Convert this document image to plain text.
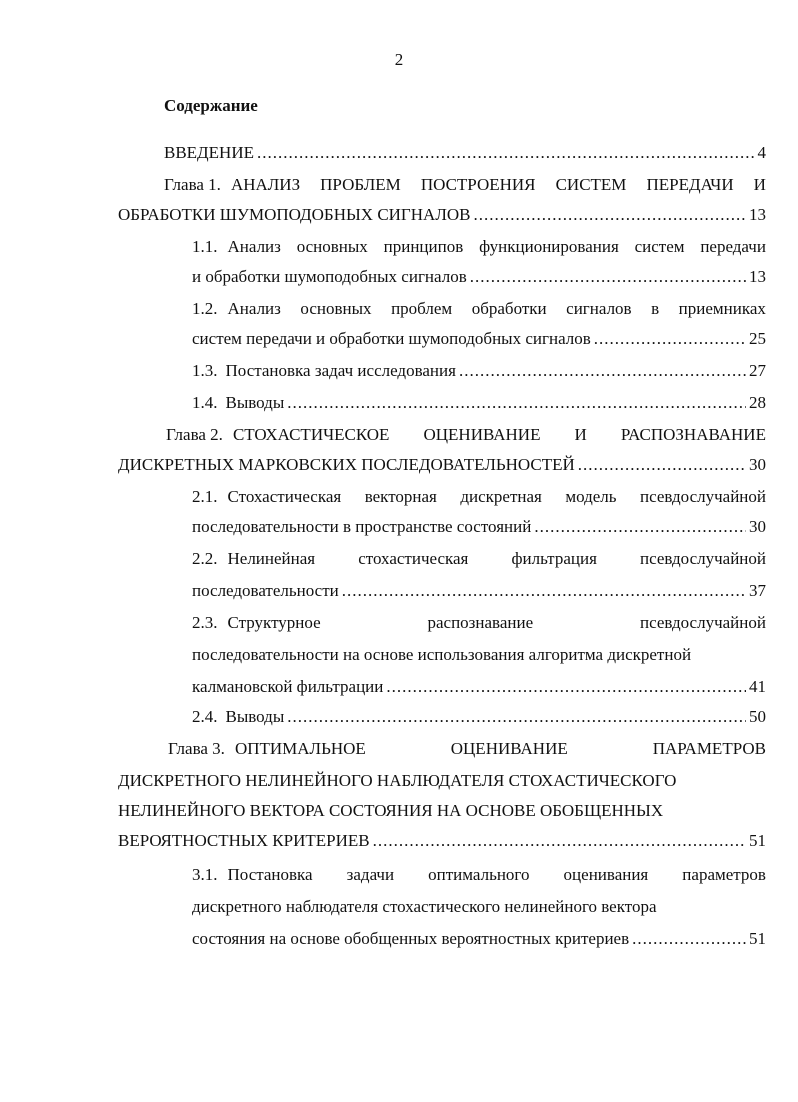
2
Содержание
ВВЕДЕНИЕ .....	4
Глава 1. АНАЛИЗ ПРОБЛЕМ ПОСТРОЕНИЯ СИСТЕМ ПЕРЕДАЧИ И
ОБРАБОТКИ ШУМОПОДОБНЫХ СИГНАЛОВ .....	13
1.1. Анализ основных принципов функционирования систем передачи
и обработки шумоподобных сигналов .....	13
1.2. Анализ основных проблем обработки сигналов в приемниках
систем передачи и обработки шумоподобных сигналов .....	25
1.3. Постановка задач исследования .....	27
1.4. Выводы .....	28
Глава 2. СТОХАСТИЧЕСКОЕ ОЦЕНИВАНИЕ И РАСПОЗНАВАНИЕ
ДИСКРЕТНЫХ МАРКОВСКИХ ПОСЛЕДОВАТЕЛЬНОСТЕЙ .....	30
2.1. Стохастическая векторная дискретная модель псевдослучайной
последовательности в пространстве состояний .....	30
2.2. Нелинейная	стохастическая	фильтрация	псевдослучайной
последовательности .....	37
2.3. Структурное	распознавание	псевдослучайной
последовательности на основе использования алгоритма дискретной
калмановской фильтрации .....	41
2.4. Выводы .....	50
Глава 3. ОПТИМАЛЬНОЕ	ОЦЕНИВАНИЕ	ПАРАМЕТРОВ
ДИСКРЕТНОГО НЕЛИНЕЙНОГО НАБЛЮДАТЕЛЯ СТОХАСТИЧЕСКОГО
НЕЛИНЕЙНОГО ВЕКТОРА СОСТОЯНИЯ НА ОСНОВЕ ОБОБЩЕННЫХ
ВЕРОЯТНОСТНЫХ КРИТЕРИЕВ .....	51
3.1. Постановка задачи оптимального оценивания параметров
дискретного наблюдателя стохастического нелинейного вектора
состояния на основе обобщенных вероятностных критериев .....	51
